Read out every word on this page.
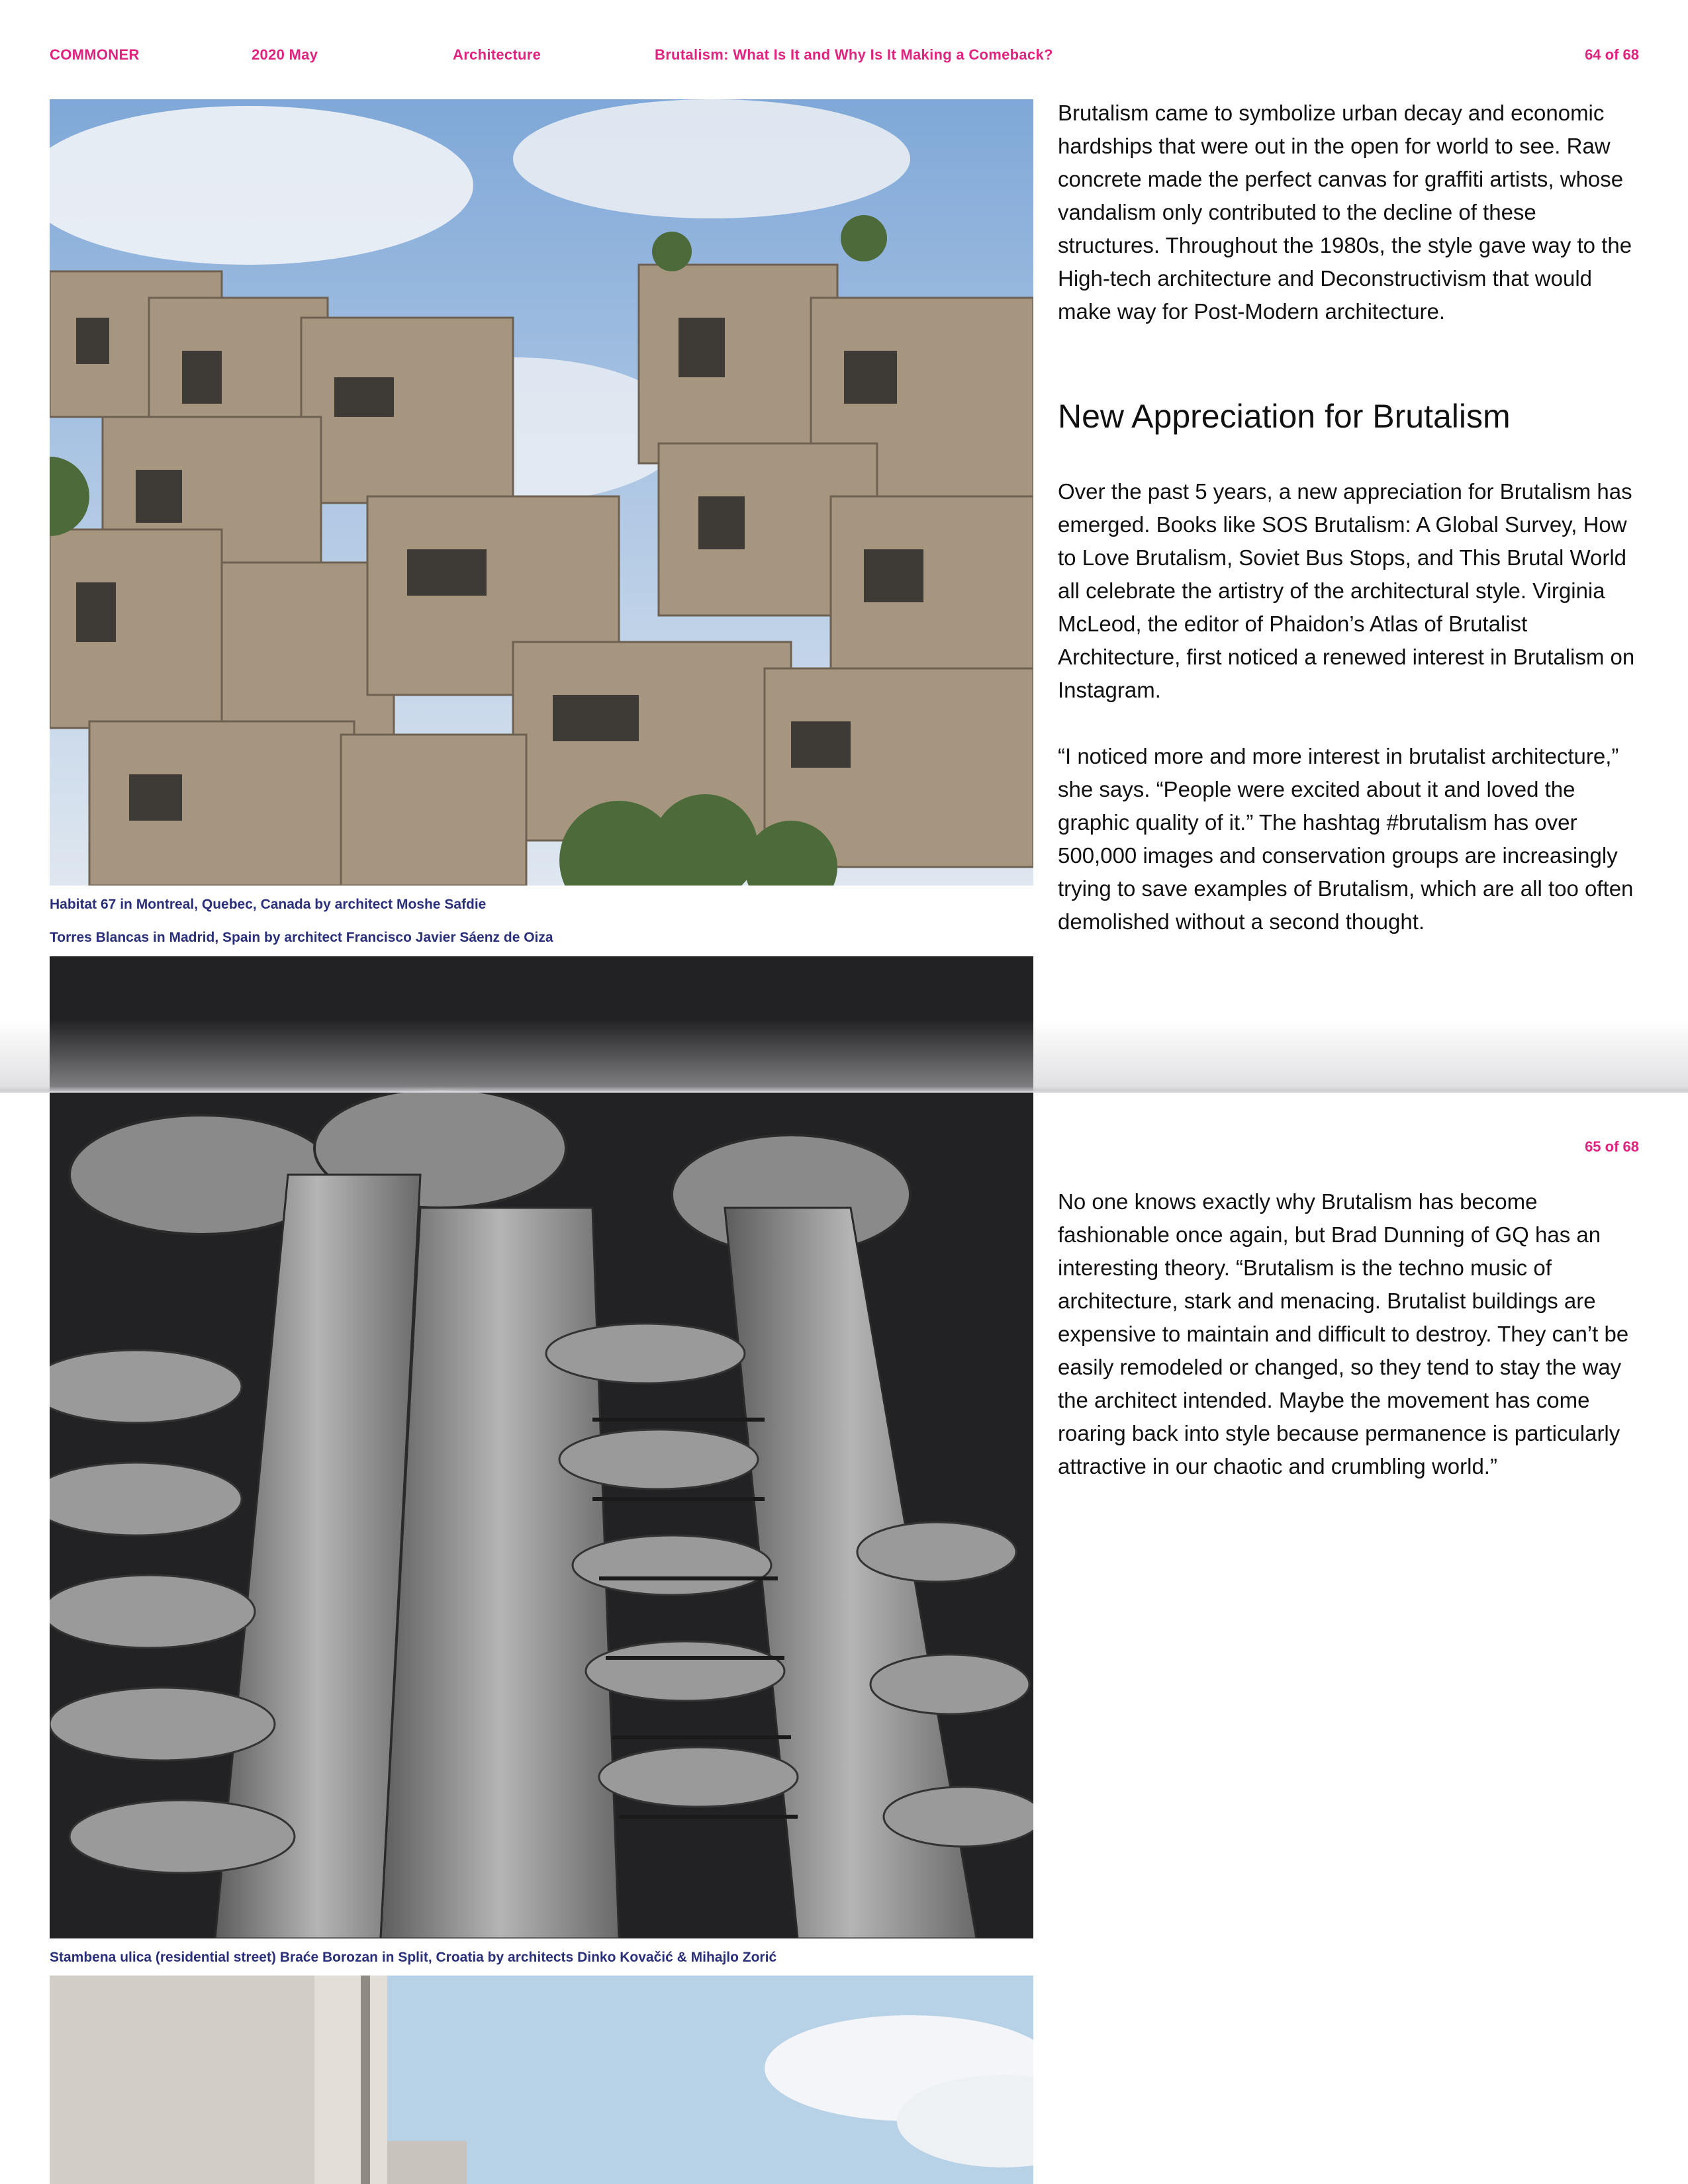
COMMONER	2020 May	Architecture	Brutalism: What Is It and Why Is It Making a Comeback?	64 of 68
Habitat 67 in Montreal, Quebec, Canada by architect Moshe Safdie
Torres Blancas in Madrid, Spain by architect Francisco Javier Sáenz de Oiza
Stambena ulica (residential street) Braće Borozan in Split, Croatia by architects Dinko Kovačić & Mihajlo Zorić

Brutalism came to symbolize urban decay and economic hardships that were out in the open for world to see. Raw concrete made the perfect canvas for graffiti artists, whose vandalism only contributed to the decline of these structures. Throughout the 1980s, the style gave way to the High-tech architecture and Deconstructivism that would make way for Post-Modern architecture.

New Appreciation for Brutalism

Over the past 5 years, a new appreciation for Brutalism has emerged. Books like SOS Brutalism: A Global Survey, How to Love Brutalism, Soviet Bus Stops, and This Brutal World all celebrate the artistry of the architectural style. Virginia McLeod, the editor of Phaidon’s Atlas of Brutalist Architecture, first noticed a renewed interest in Brutalism on Instagram.

“I noticed more and more interest in brutalist architecture,” she says. “People were excited about it and loved the graphic quality of it.” The hashtag #brutalism has over 500,000 images and conservation groups are increasingly trying to save examples of Brutalism, which are all too often demolished without a second thought.

65 of 68

No one knows exactly why Brutalism has become fashionable once again, but Brad Dunning of GQ has an interesting theory. “Brutalism is the techno music of architecture, stark and menacing. Brutalist buildings are expensive to maintain and difficult to destroy. They can’t be easily remodeled or changed, so they tend to stay the way the architect intended. Maybe the movement has come roaring back into style because permanence is particularly attractive in our chaotic and crumbling world.”
